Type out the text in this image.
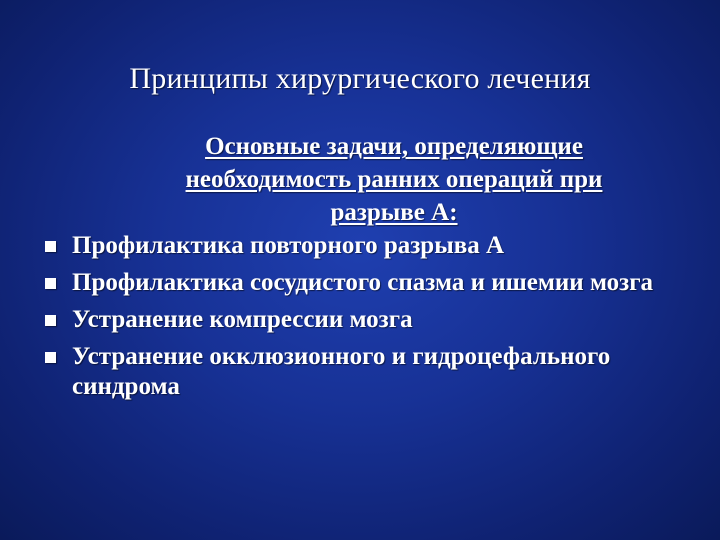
Принципы хирургического лечения
Основные задачи, определяющие
необходимость ранних операций при
разрыве А:
Профилактика повторного разрыва А
Профилактика сосудистого спазма и ишемии мозга
Устранение компрессии мозга
Устранение окклюзионного и гидроцефального синдрома
